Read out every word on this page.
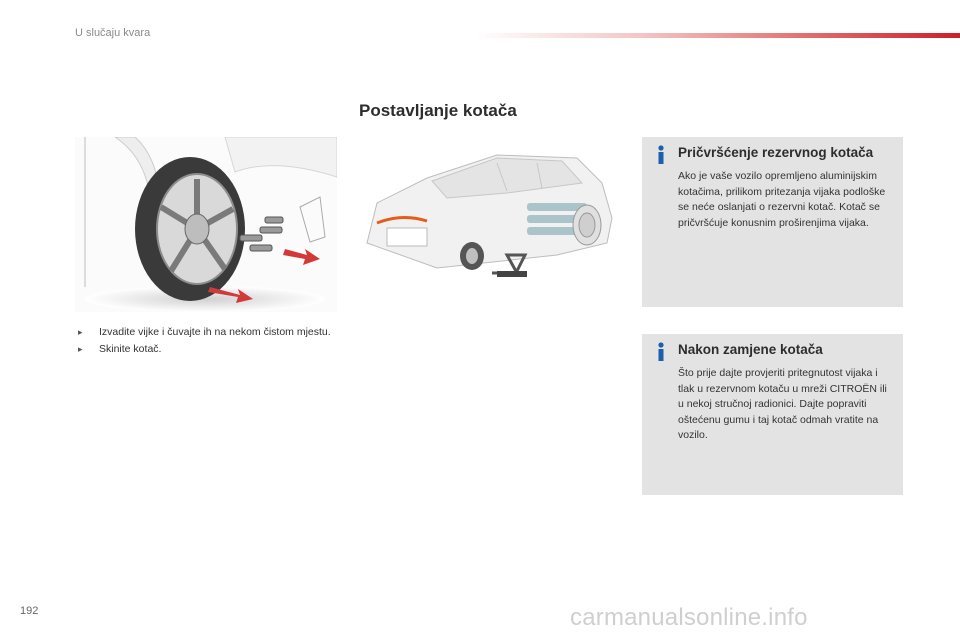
U slučaju kvara
Postavljanje kotača
▸	Izvadite vijke i čuvajte ih na nekom čistom mjestu.
▸	Skinite kotač.
Pričvršćenje rezervnog kotača

Ako je vaše vozilo opremljeno aluminijskim kotačima, prilikom pritezanja vijaka podloške se neće oslanjati o rezervni kotač. Kotač se pričvršćuje konusnim proširenjima vijaka.

Nakon zamjene kotača

Što prije dajte provjeriti pritegnutost vijaka i tlak u rezervnom kotaču u mreži CITROËN ili u nekoj stručnoj radionici. Dajte popraviti oštećenu gumu i taj kotač odmah vratite na vozilo.

192	carmanualsonline.info
